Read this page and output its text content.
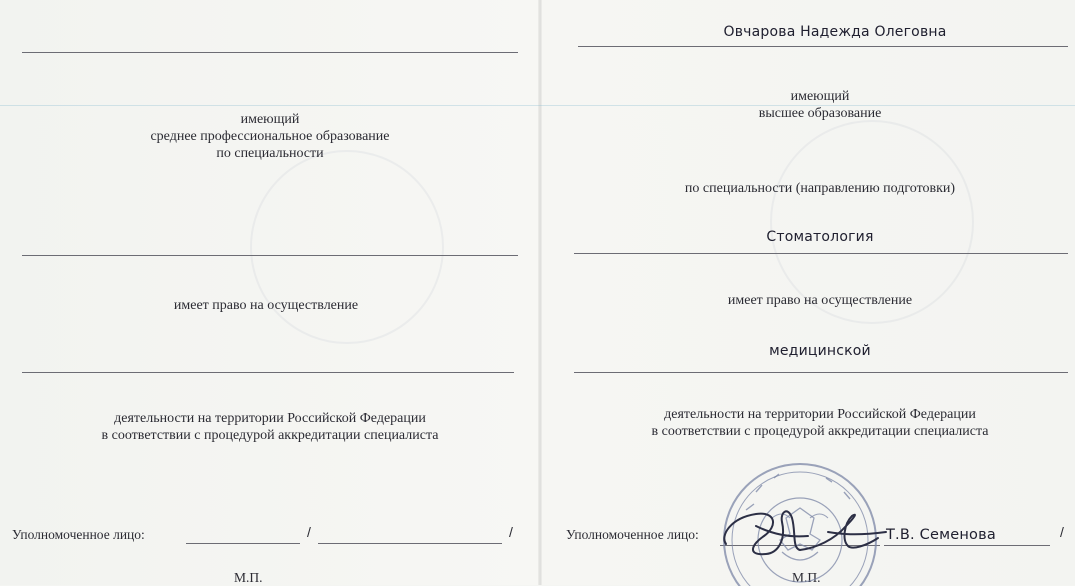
имеющий
среднее профессиональное образование
по специальности
имеет право на осуществление
деятельности на территории Российской Федерации
в соответствии с процедурой аккредитации специалиста
Уполномоченное лицо:	/	/
М.П.
Овчарова Надежда Олеговна
имеющий
высшее образование
по специальности (направлению подготовки)
Стоматология
имеет право на осуществление
медицинской
деятельности на территории Российской Федерации
в соответствии с процедурой аккредитации специалиста
Уполномоченное лицо:	Т.В. Семенова	/
М.П.
